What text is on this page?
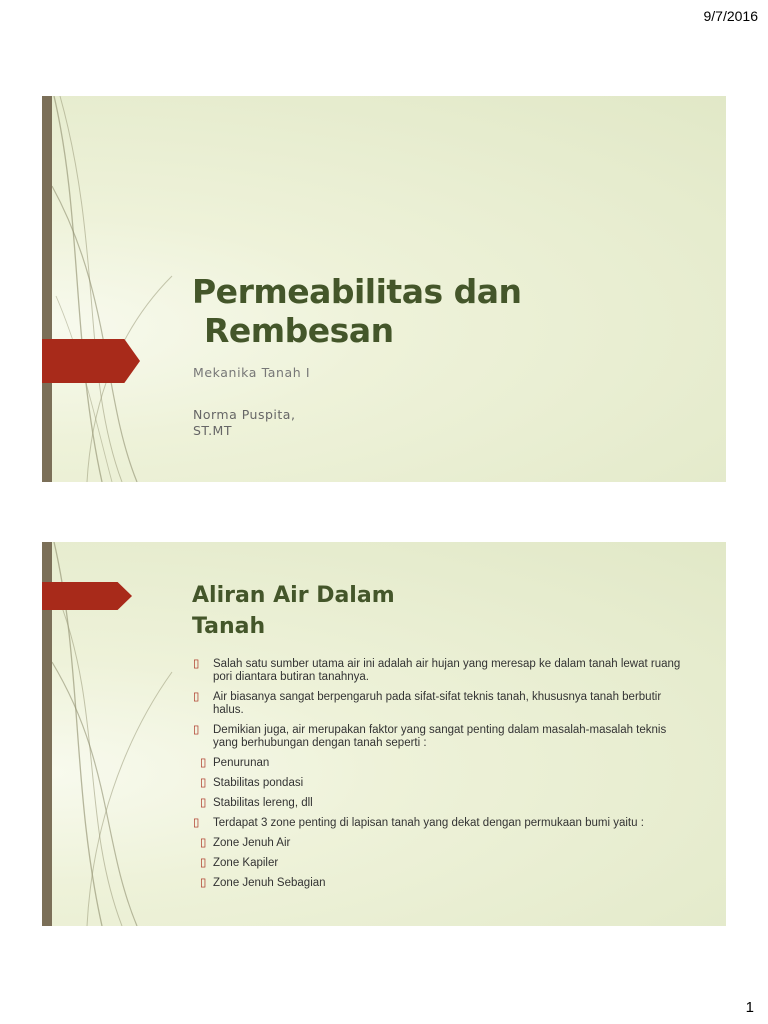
9/7/2016
Permeabilitas dan
Rembesan

Mekanika Tanah I

Norma Puspita,
ST.MT

Aliran Air Dalam
Tanah
▯ Salah satu sumber utama air ini adalah air hujan yang meresap ke dalam tanah lewat ruang pori diantara butiran tanahnya.
▯ Air biasanya sangat berpengaruh pada sifat-sifat teknis tanah, khususnya tanah berbutir halus.
▯ Demikian juga, air merupakan faktor yang sangat penting dalam masalah-masalah teknis yang berhubungan dengan tanah seperti :
▯ Penurunan
▯ Stabilitas pondasi
▯ Stabilitas lereng, dll
▯ Terdapat 3 zone penting di lapisan tanah yang dekat dengan permukaan bumi yaitu :
▯ Zone Jenuh Air
▯ Zone Kapiler
▯ Zone Jenuh Sebagian
1
